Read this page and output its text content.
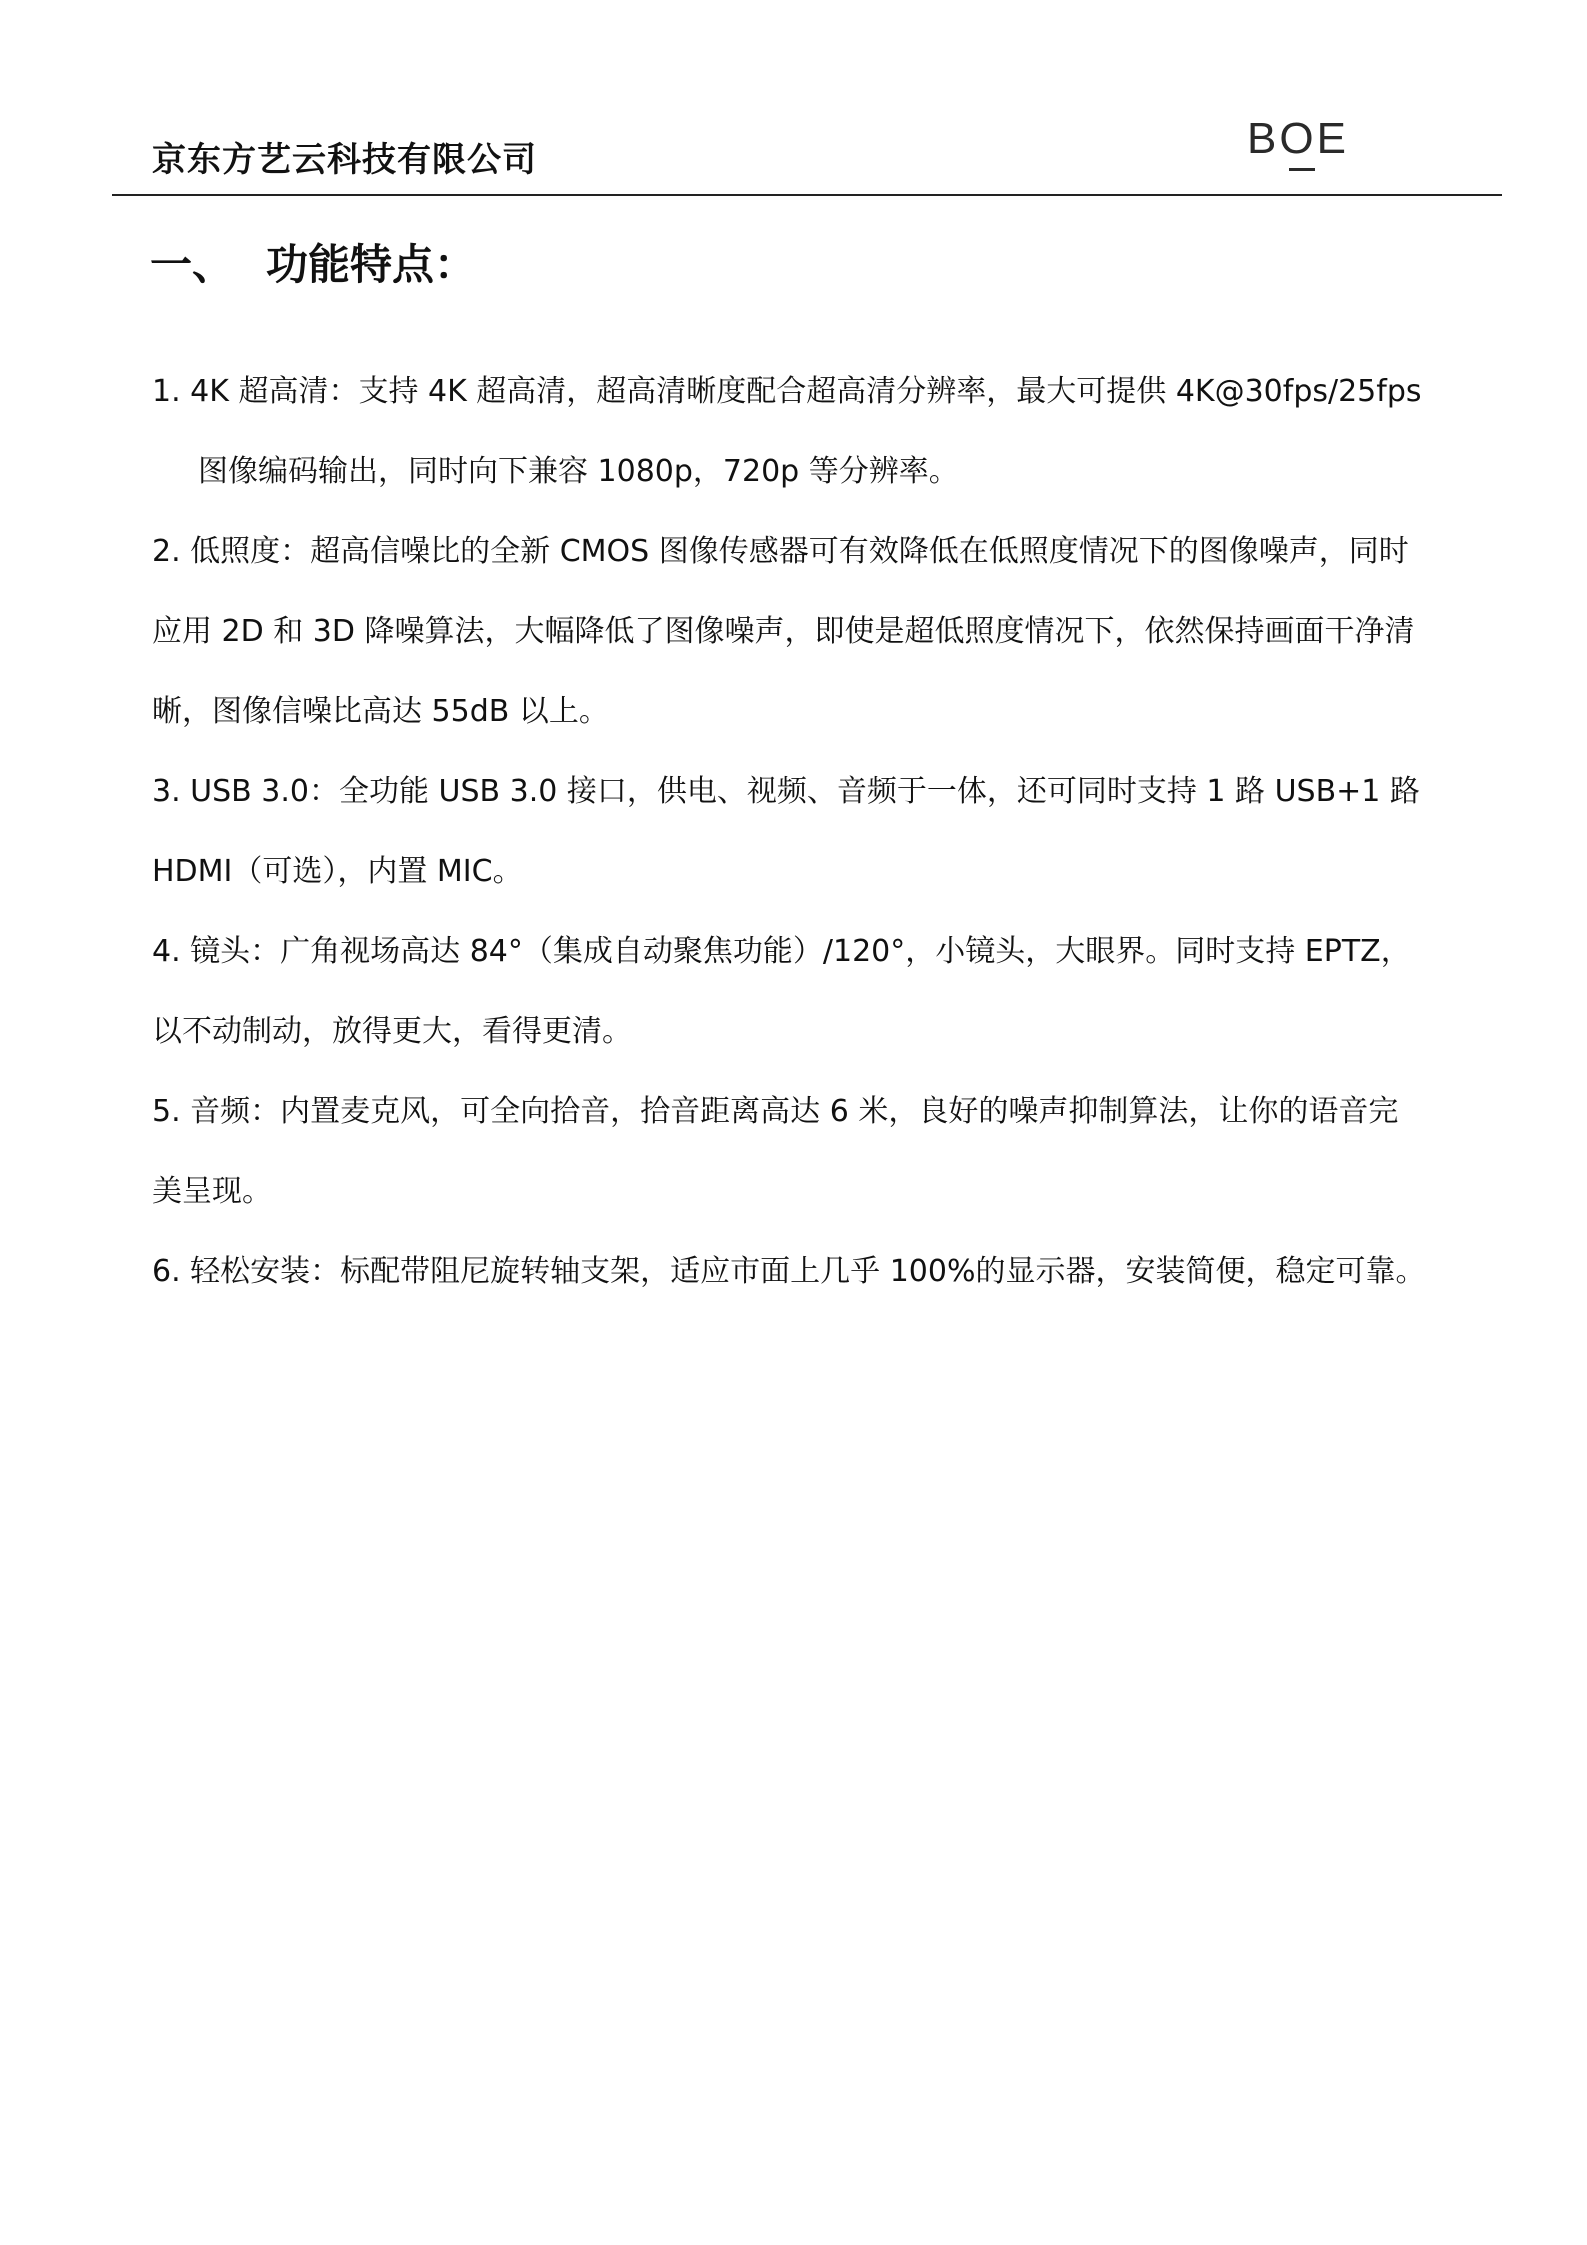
京东方艺云科技有限公司	BOE
一、 功能特点：
1. 4K 超高清：支持 4K 超高清，超高清晰度配合超高清分辨率，最大可提供 4K@30fps/25fps
图像编码输出，同时向下兼容 1080p，720p 等分辨率。
2. 低照度：超高信噪比的全新 CMOS 图像传感器可有效降低在低照度情况下的图像噪声，同时
应用 2D 和 3D 降噪算法，大幅降低了图像噪声，即使是超低照度情况下，依然保持画面干净清
晰，图像信噪比高达 55dB 以上。
3. USB 3.0：全功能 USB 3.0 接口，供电、视频、音频于一体，还可同时支持 1 路 USB+1 路
HDMI（可选），内置 MIC。
4. 镜头：广角视场高达 84°（集成自动聚焦功能）/120°，小镜头，大眼界。同时支持 EPTZ，
以不动制动，放得更大，看得更清。
5. 音频：内置麦克风，可全向拾音，拾音距离高达 6 米，良好的噪声抑制算法，让你的语音完
美呈现。
6. 轻松安装：标配带阻尼旋转轴支架，适应市面上几乎 100%的显示器，安装简便，稳定可靠。
